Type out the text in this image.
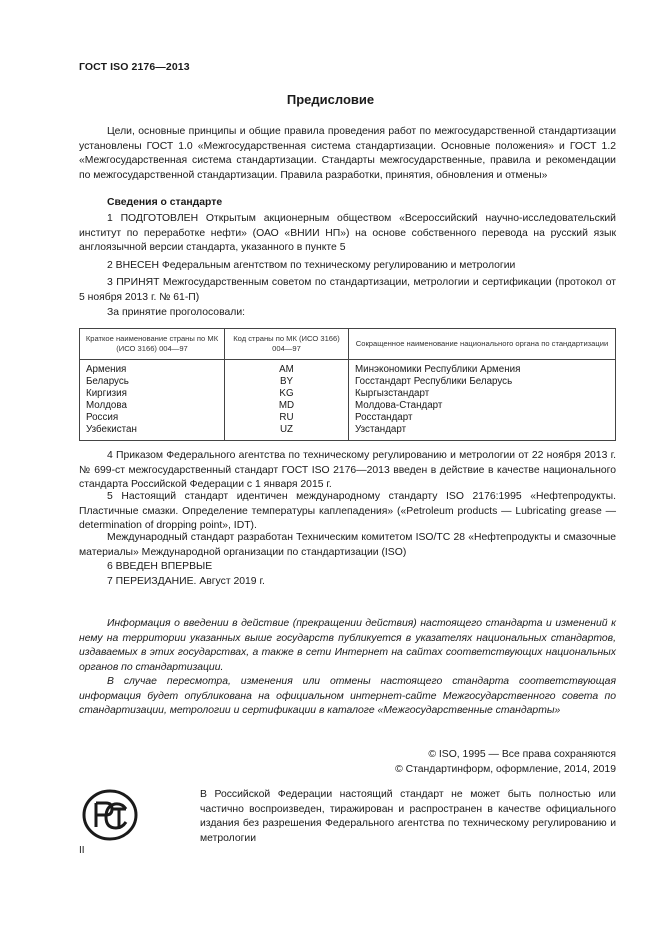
ГОСТ ISO 2176—2013
Предисловие
Цели, основные принципы и общие правила проведения работ по межгосударственной стандартизации установлены ГОСТ 1.0 «Межгосударственная система стандартизации. Основные положения» и ГОСТ 1.2 «Межгосударственная система стандартизации. Стандарты межгосударственные, правила и рекомендации по межгосударственной стандартизации. Правила разработки, принятия, обновления и отмены»
Сведения о стандарте
1 ПОДГОТОВЛЕН Открытым акционерным обществом «Всероссийский научно-исследовательский институт по переработке нефти» (ОАО «ВНИИ НП») на основе собственного перевода на русский язык англоязычной версии стандарта, указанного в пункте 5
2 ВНЕСЕН Федеральным агентством по техническому регулированию и метрологии
3 ПРИНЯТ Межгосударственным советом по стандартизации, метрологии и сертификации (протокол от 5 ноября 2013 г. № 61-П)
За принятие проголосовали:
Краткое наименование страны по МК (ИСО 3166) 004—97	Код страны по МК (ИСО 3166) 004—97	Сокращенное наименование национального органа по стандартизации
Армения	AM	Минэкономики Республики Армения
Беларусь	BY	Госстандарт Республики Беларусь
Киргизия	KG	Кыргызстандарт
Молдова	MD	Молдова-Стандарт
Россия	RU	Росстандарт
Узбекистан	UZ	Узстандарт
4 Приказом Федерального агентства по техническому регулированию и метрологии от 22 ноября 2013 г. № 699-ст межгосударственный стандарт ГОСТ ISO 2176—2013 введен в действие в качестве национального стандарта Российской Федерации с 1 января 2015 г.
5 Настоящий стандарт идентичен международному стандарту ISO 2176:1995 «Нефтепродукты. Пластичные смазки. Определение температуры каплепадения» («Petroleum products — Lubricating grease — determination of dropping point», IDT).
Международный стандарт разработан Техническим комитетом ISO/TC 28 «Нефтепродукты и смазочные материалы» Международной организации по стандартизации (ISO)
6 ВВЕДЕН ВПЕРВЫЕ
7 ПЕРЕИЗДАНИЕ. Август 2019 г.
Информация о введении в действие (прекращении действия) настоящего стандарта и изменений к нему на территории указанных выше государств публикуется в указателях национальных стандартов, издаваемых в этих государствах, а также в сети Интернет на сайтах соответствующих национальных органов по стандартизации.
В случае пересмотра, изменения или отмены настоящего стандарта соответствующая информация будет опубликована на официальном интернет-сайте Межгосударственного совета по стандартизации, метрологии и сертификации в каталоге «Межгосударственные стандарты»
© ISO, 1995 — Все права сохраняются
© Стандартинформ, оформление, 2014, 2019
В Российской Федерации настоящий стандарт не может быть полностью или частично воспроизведен, тиражирован и распространен в качестве официального издания без разрешения Федерального агентства по техническому регулированию и метрологии
II
